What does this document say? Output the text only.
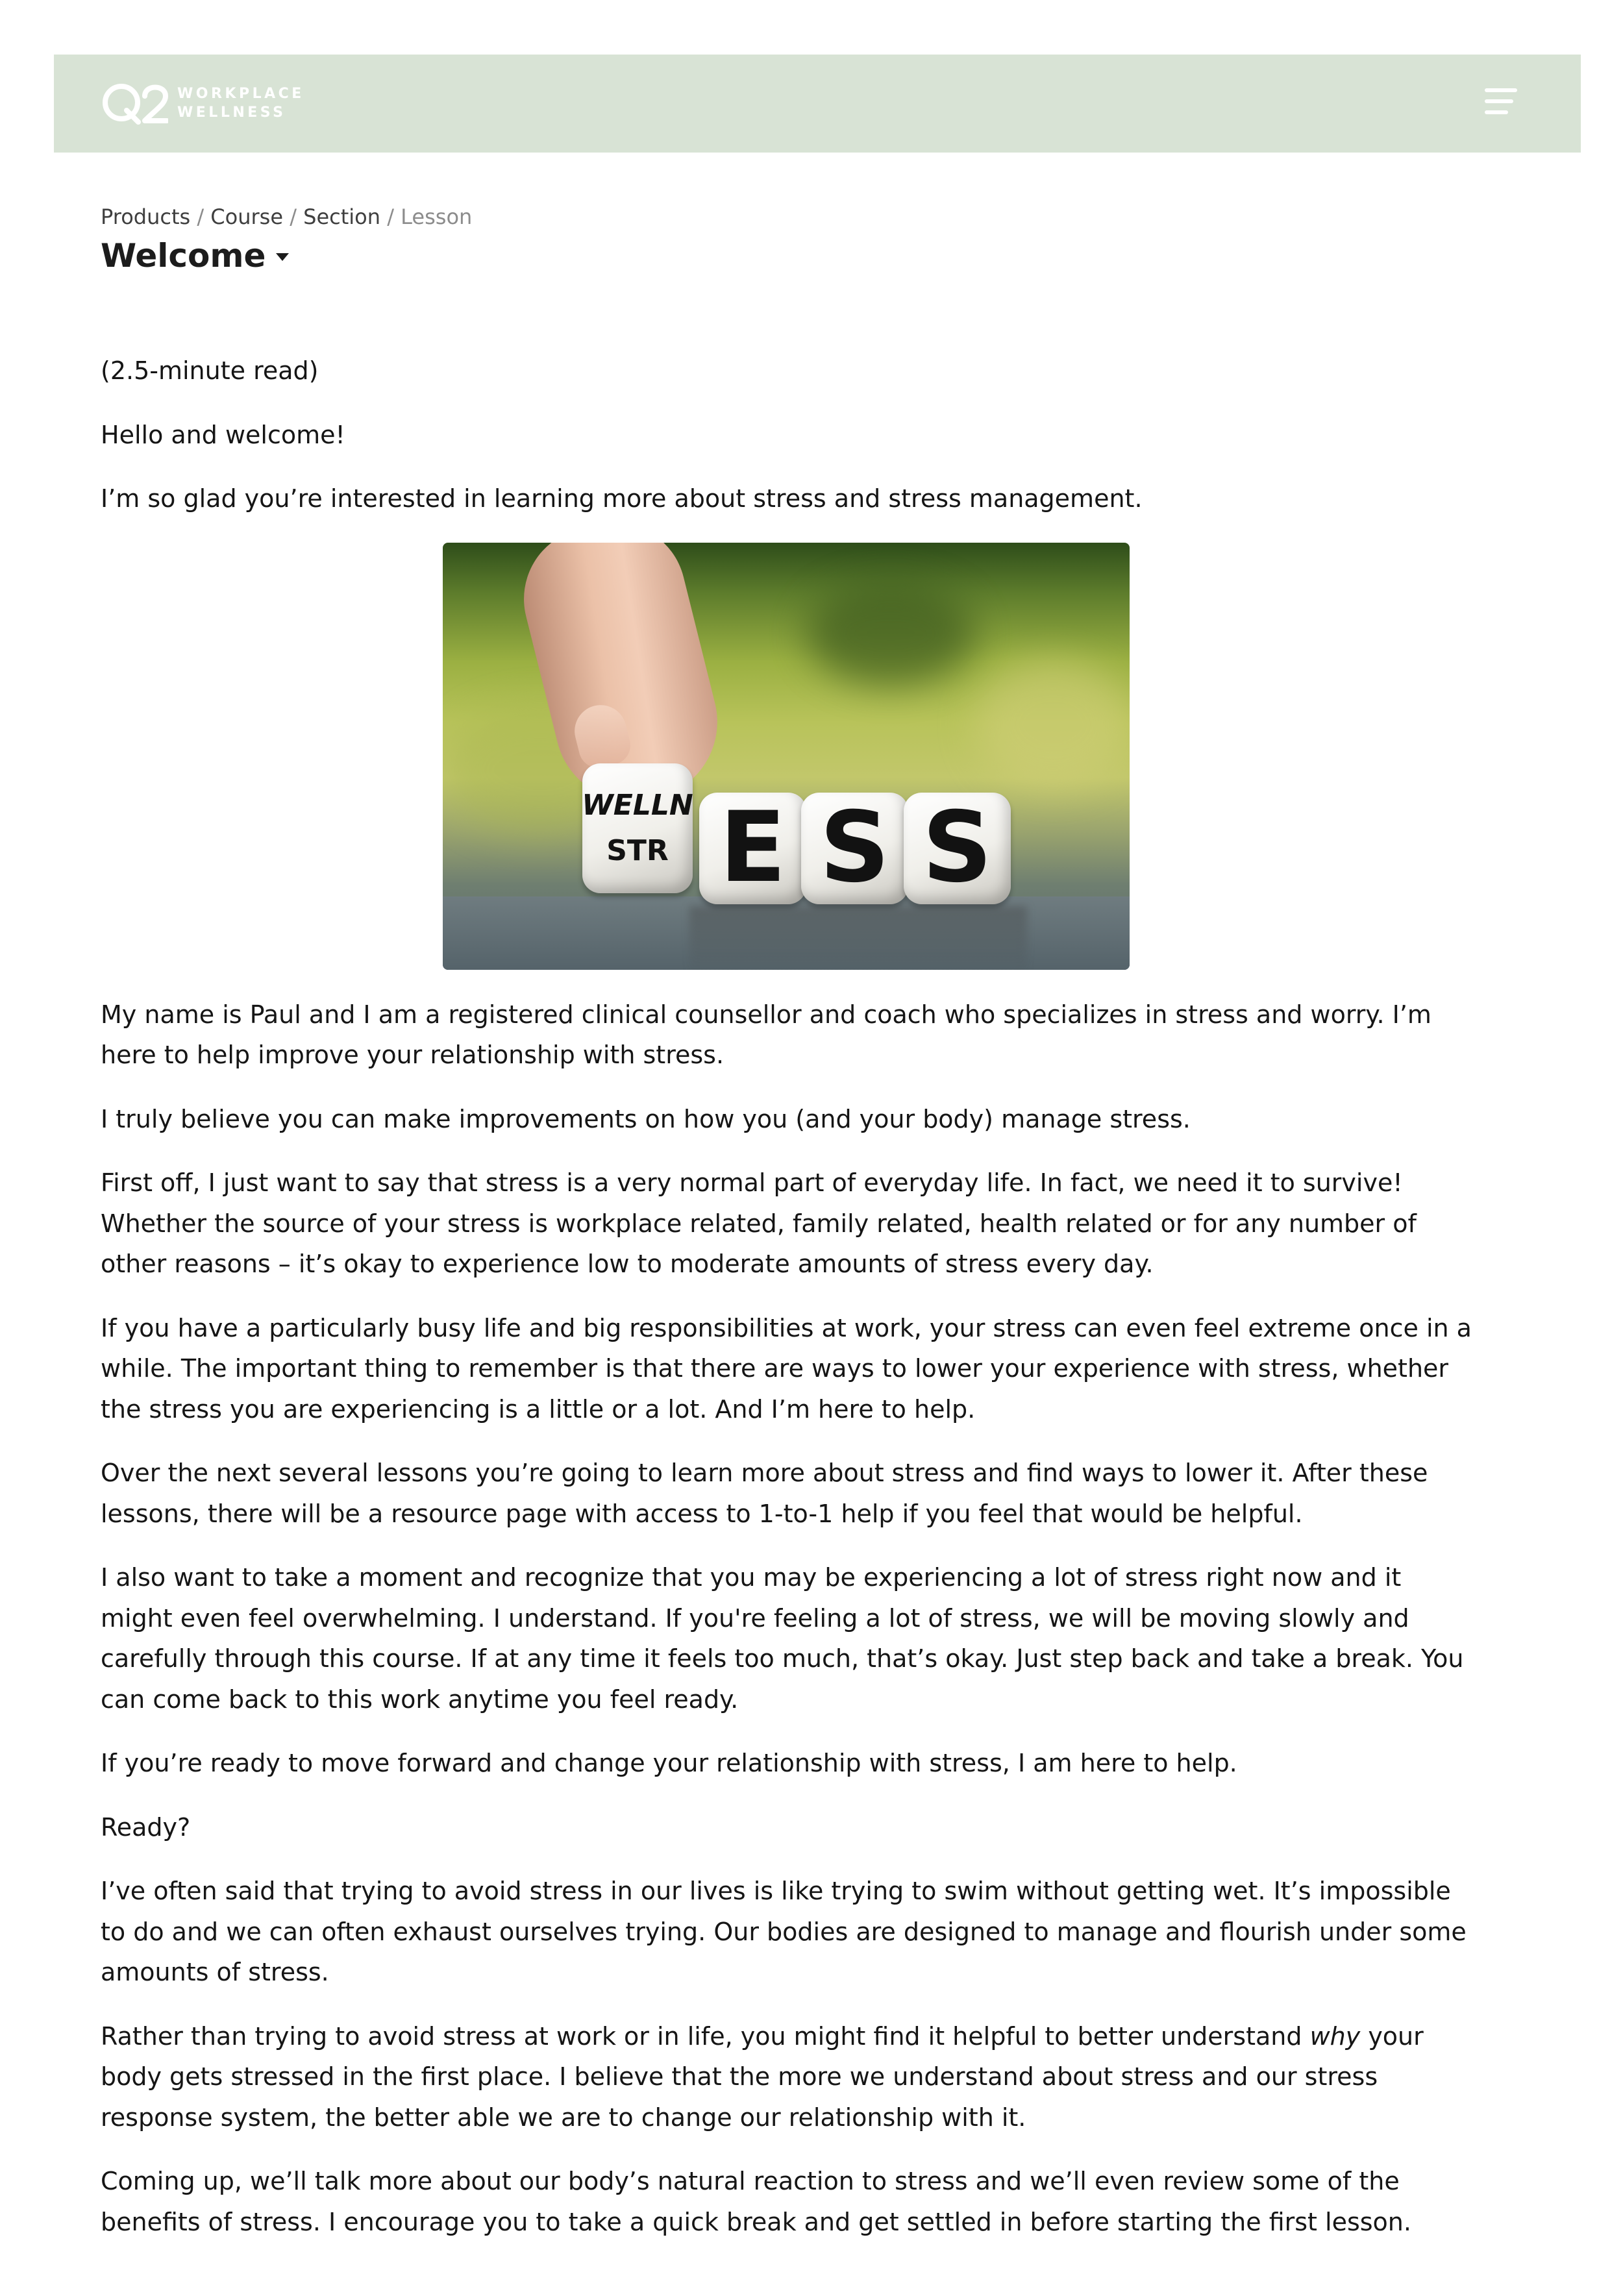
WORKPLACE
WELLNESS
Products / Course / Section / Lesson
Welcome

(2.5-minute read)

Hello and welcome!

I’m so glad you’re interested in learning more about stress and stress management.

WELLN
STR E S S

My name is Paul and I am a registered clinical counsellor and coach who specializes in stress and worry. I’m here to help improve your relationship with stress.

I truly believe you can make improvements on how you (and your body) manage stress.

First off, I just want to say that stress is a very normal part of everyday life. In fact, we need it to survive! Whether the source of your stress is workplace related, family related, health related or for any number of other reasons – it’s okay to experience low to moderate amounts of stress every day.

If you have a particularly busy life and big responsibilities at work, your stress can even feel extreme once in a while. The important thing to remember is that there are ways to lower your experience with stress, whether the stress you are experiencing is a little or a lot. And I’m here to help.

Over the next several lessons you’re going to learn more about stress and find ways to lower it. After these lessons, there will be a resource page with access to 1-to-1 help if you feel that would be helpful.

I also want to take a moment and recognize that you may be experiencing a lot of stress right now and it might even feel overwhelming. I understand. If you're feeling a lot of stress, we will be moving slowly and carefully through this course. If at any time it feels too much, that’s okay. Just step back and take a break. You can come back to this work anytime you feel ready.

If you’re ready to move forward and change your relationship with stress, I am here to help.

Ready?

I’ve often said that trying to avoid stress in our lives is like trying to swim without getting wet. It’s impossible to do and we can often exhaust ourselves trying. Our bodies are designed to manage and flourish under some amounts of stress.

Rather than trying to avoid stress at work or in life, you might find it helpful to better understand why your body gets stressed in the first place. I believe that the more we understand about stress and our stress response system, the better able we are to change our relationship with it.

Coming up, we’ll talk more about our body’s natural reaction to stress and we’ll even review some of the benefits of stress. I encourage you to take a quick break and get settled in before starting the first lesson.
